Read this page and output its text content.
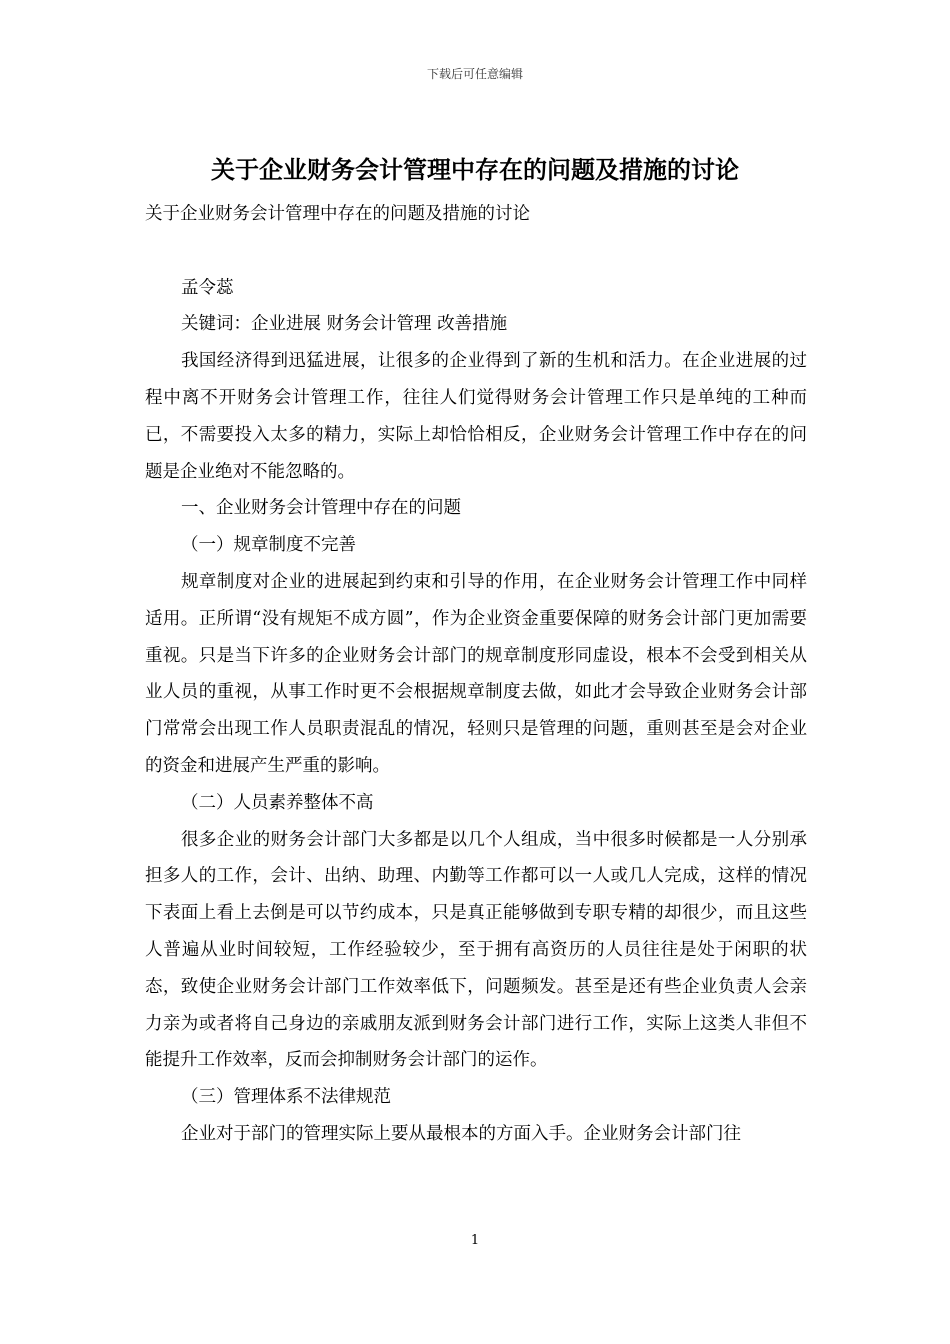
下载后可任意编辑
关于企业财务会计管理中存在的问题及措施的讨论

关于企业财务会计管理中存在的问题及措施的讨论

孟令蕊

关键词：企业进展 财务会计管理 改善措施

我国经济得到迅猛进展，让很多的企业得到了新的生机和活力。在企业进展的过程中离不开财务会计管理工作，往往人们觉得财务会计管理工作只是单纯的工种而已，不需要投入太多的精力，实际上却恰恰相反，企业财务会计管理工作中存在的问题是企业绝对不能忽略的。

一、企业财务会计管理中存在的问题

（一）规章制度不完善

规章制度对企业的进展起到约束和引导的作用，在企业财务会计管理工作中同样适用。正所谓“没有规矩不成方圆”，作为企业资金重要保障的财务会计部门更加需要重视。只是当下许多的企业财务会计部门的规章制度形同虚设，根本不会受到相关从业人员的重视，从事工作时更不会根据规章制度去做，如此才会导致企业财务会计部门常常会出现工作人员职责混乱的情况，轻则只是管理的问题，重则甚至是会对企业的资金和进展产生严重的影响。

（二）人员素养整体不高

很多企业的财务会计部门大多都是以几个人组成，当中很多时候都是一人分别承担多人的工作，会计、出纳、助理、内勤等工作都可以一人或几人完成，这样的情况下表面上看上去倒是可以节约成本，只是真正能够做到专职专精的却很少，而且这些人普遍从业时间较短，工作经验较少，至于拥有高资历的人员往往是处于闲职的状态，致使企业财务会计部门工作效率低下，问题频发。甚至是还有些企业负责人会亲力亲为或者将自己身边的亲戚朋友派到财务会计部门进行工作，实际上这类人非但不能提升工作效率，反而会抑制财务会计部门的运作。

（三）管理体系不法律规范

企业对于部门的管理实际上要从最根本的方面入手。企业财务会计部门往

1
